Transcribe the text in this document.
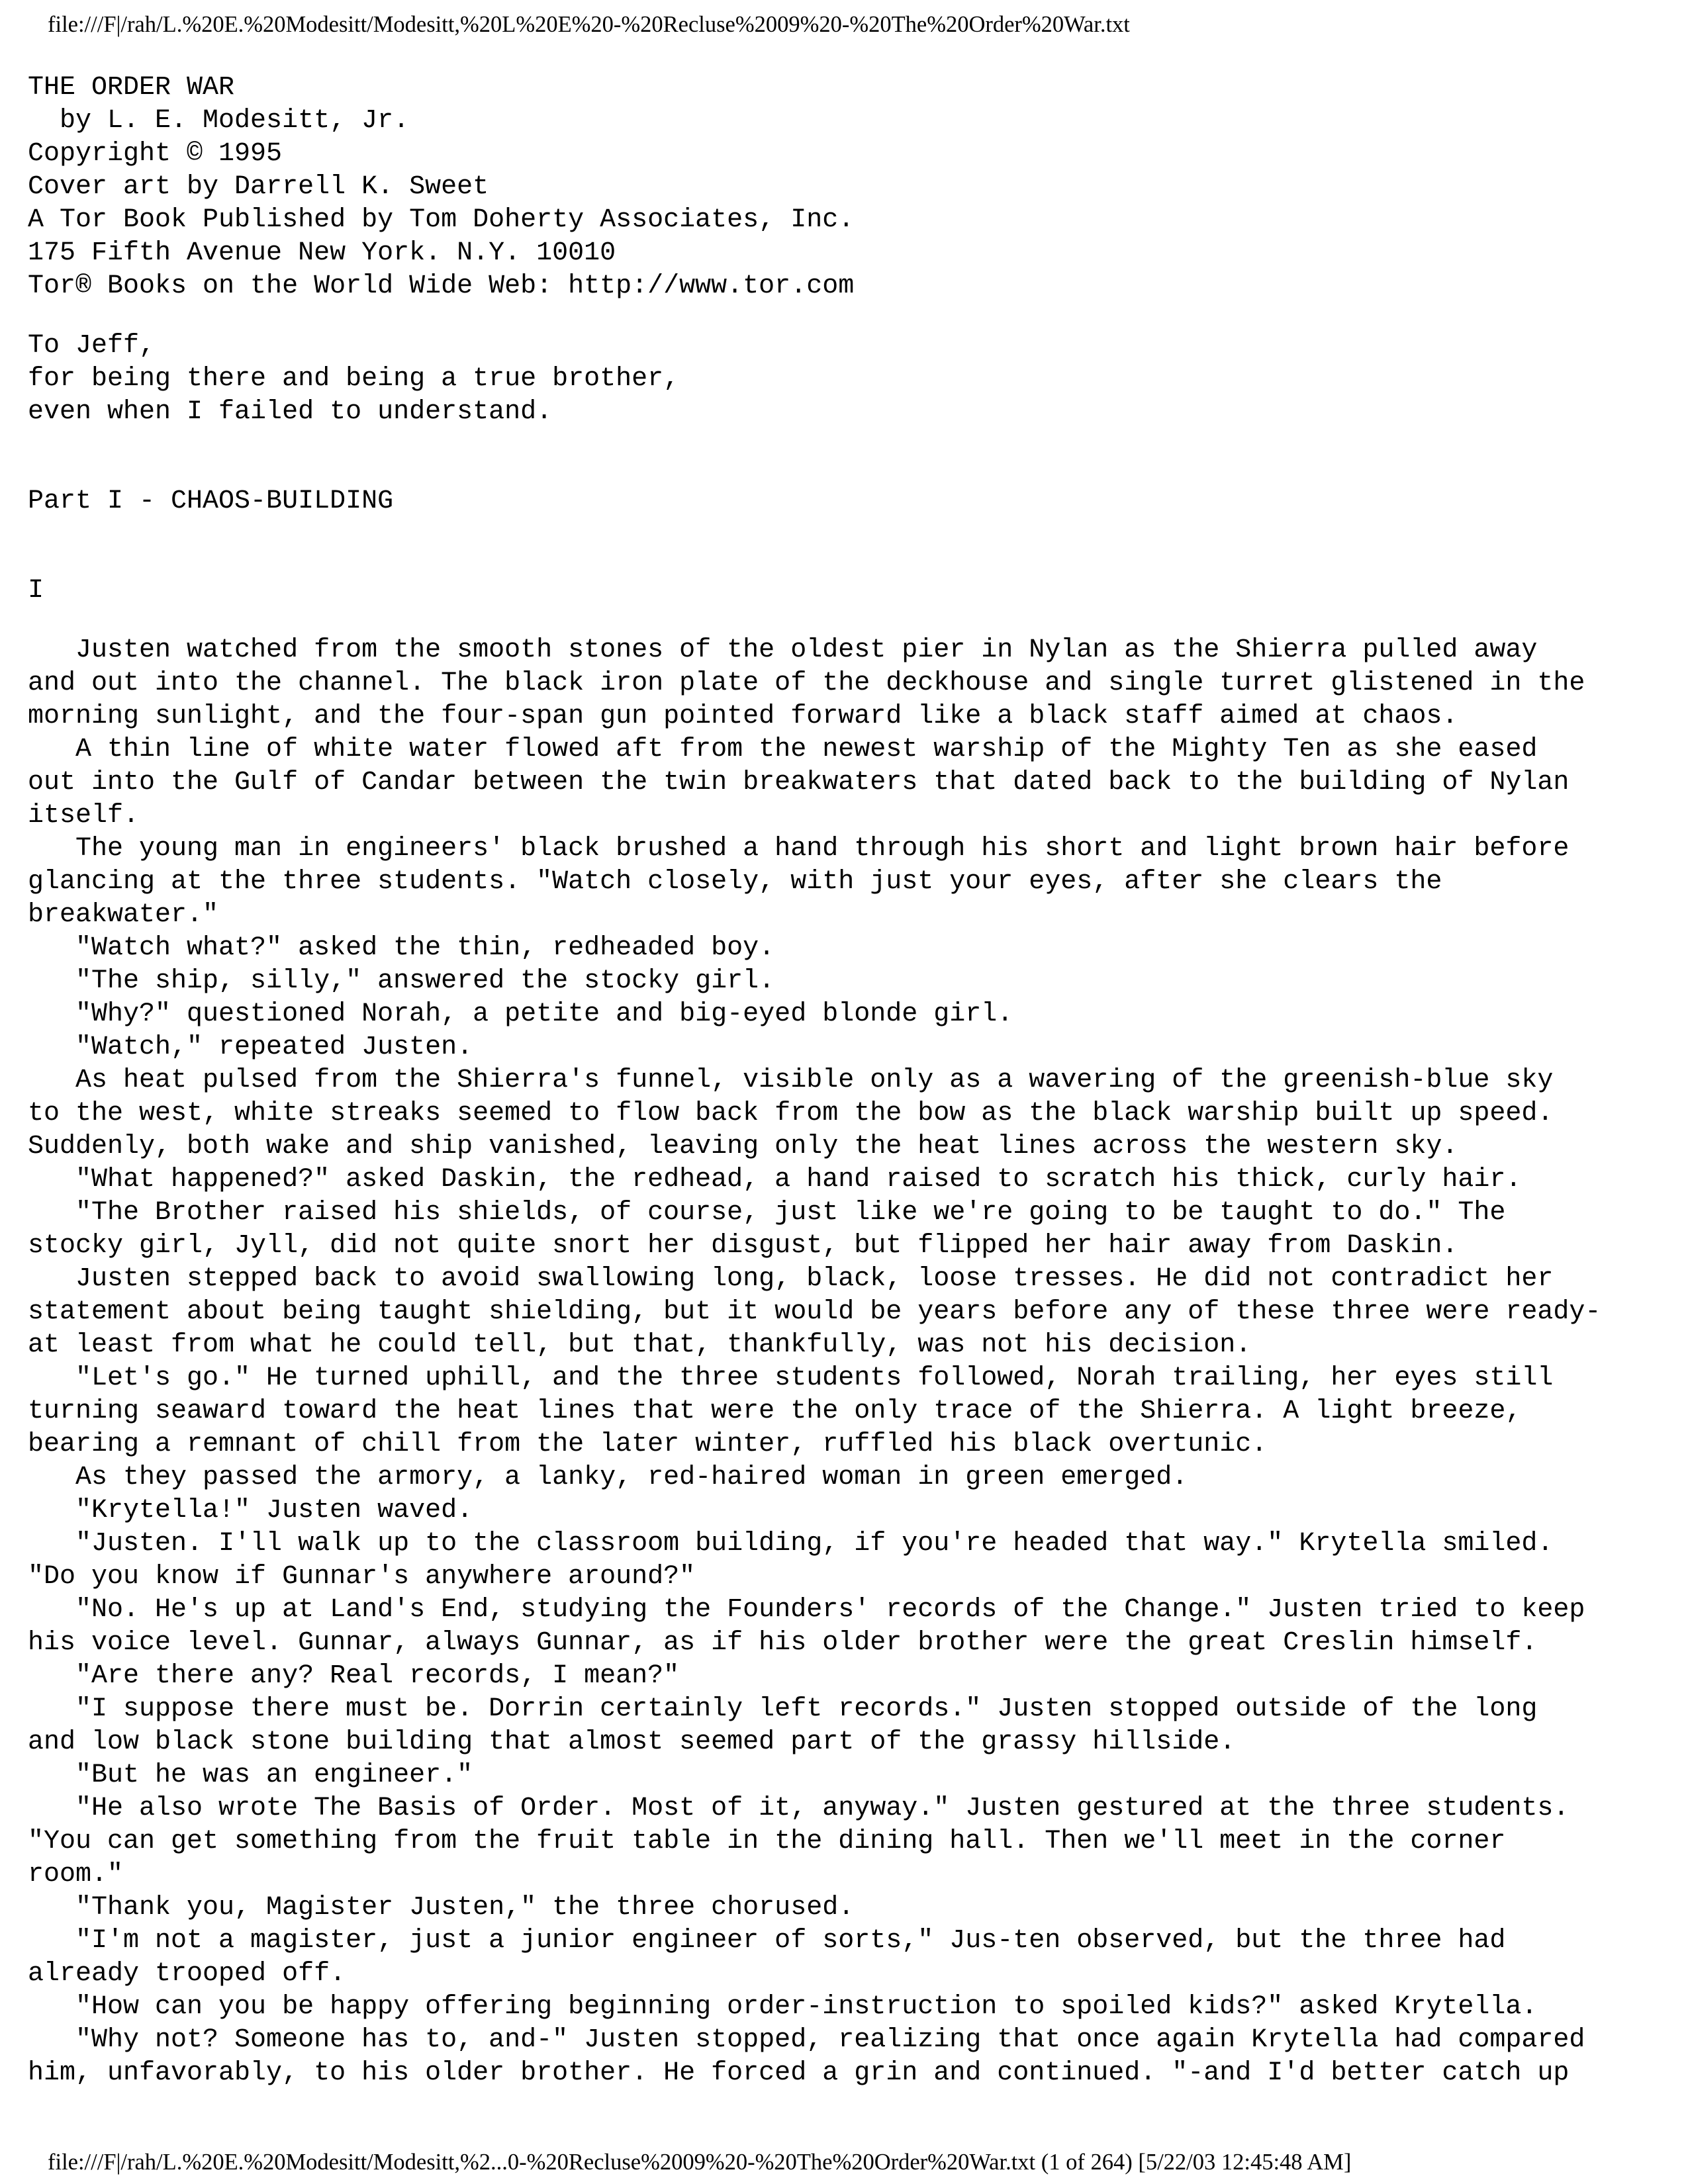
file:///F|/rah/L.%20E.%20Modesitt/Modesitt,%20L%20E%20-%20Recluse%2009%20-%20The%20Order%20War.txt
THE ORDER WAR
by L. E. Modesitt, Jr.
Copyright © 1995
Cover art by Darrell K. Sweet
A Tor Book Published by Tom Doherty Associates, Inc.
175 Fifth Avenue New York. N.Y. 10010
Tor® Books on the World Wide Web: http://www.tor.com
To Jeff,
for being there and being a true brother,
even when I failed to understand.
Part I - CHAOS-BUILDING
I
Justen watched from the smooth stones of the oldest pier in Nylan as the Shierra pulled away
and out into the channel. The black iron plate of the deckhouse and single turret glistened in the
morning sunlight, and the four-span gun pointed forward like a black staff aimed at chaos.
A thin line of white water flowed aft from the newest warship of the Mighty Ten as she eased
out into the Gulf of Candar between the twin breakwaters that dated back to the building of Nylan
itself.
The young man in engineers' black brushed a hand through his short and light brown hair before
glancing at the three students. "Watch closely, with just your eyes, after she clears the
breakwater."
"Watch what?" asked the thin, redheaded boy.
"The ship, silly," answered the stocky girl.
"Why?" questioned Norah, a petite and big-eyed blonde girl.
"Watch," repeated Justen.
As heat pulsed from the Shierra's funnel, visible only as a wavering of the greenish-blue sky
to the west, white streaks seemed to flow back from the bow as the black warship built up speed.
Suddenly, both wake and ship vanished, leaving only the heat lines across the western sky.
"What happened?" asked Daskin, the redhead, a hand raised to scratch his thick, curly hair.
"The Brother raised his shields, of course, just like we're going to be taught to do." The
stocky girl, Jyll, did not quite snort her disgust, but flipped her hair away from Daskin.
Justen stepped back to avoid swallowing long, black, loose tresses. He did not contradict her
statement about being taught shielding, but it would be years before any of these three were ready-
at least from what he could tell, but that, thankfully, was not his decision.
"Let's go." He turned uphill, and the three students followed, Norah trailing, her eyes still
turning seaward toward the heat lines that were the only trace of the Shierra. A light breeze,
bearing a remnant of chill from the later winter, ruffled his black overtunic.
As they passed the armory, a lanky, red-haired woman in green emerged.
"Krytella!" Justen waved.
"Justen. I'll walk up to the classroom building, if you're headed that way." Krytella smiled.
"Do you know if Gunnar's anywhere around?"
"No. He's up at Land's End, studying the Founders' records of the Change." Justen tried to keep
his voice level. Gunnar, always Gunnar, as if his older brother were the great Creslin himself.
"Are there any? Real records, I mean?"
"I suppose there must be. Dorrin certainly left records." Justen stopped outside of the long
and low black stone building that almost seemed part of the grassy hillside.
"But he was an engineer."
"He also wrote The Basis of Order. Most of it, anyway." Justen gestured at the three students.
"You can get something from the fruit table in the dining hall. Then we'll meet in the corner
room."
"Thank you, Magister Justen," the three chorused.
"I'm not a magister, just a junior engineer of sorts," Jus-ten observed, but the three had
already trooped off.
"How can you be happy offering beginning order-instruction to spoiled kids?" asked Krytella.
"Why not? Someone has to, and-" Justen stopped, realizing that once again Krytella had compared
him, unfavorably, to his older brother. He forced a grin and continued. "-and I'd better catch up
file:///F|/rah/L.%20E.%20Modesitt/Modesitt,%2...0-%20Recluse%2009%20-%20The%20Order%20War.txt (1 of 264) [5/22/03 12:45:48 AM]
